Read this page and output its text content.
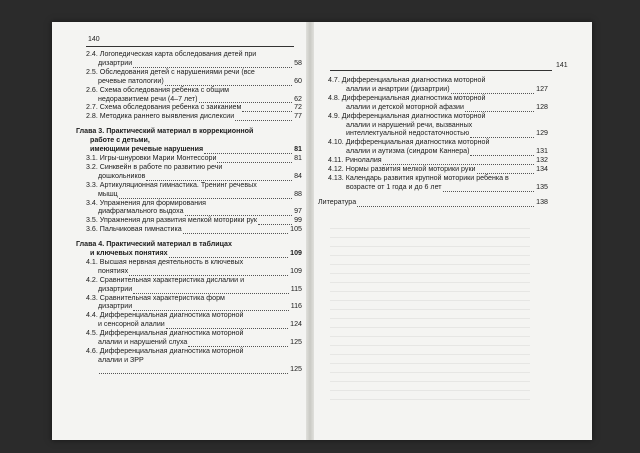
140
2.4. Логопедическая карта обследования детей при
дизартрии	58
2.5. Обследования детей с нарушениями речи (все
речевые патологии)	60
2.6. Схема обследования ребенка с общим
недоразвитием речи (4–7 лет)	62
2.7. Схема обследования ребенка с заиканием	72
2.8. Методика раннего выявления дислексии	77
Глава 3. Практический материал в коррекционной
работе с детьми,
имеющими речевые нарушения	81
3.1. Игры-шнуровки Марии Монтессори	81
3.2. Синквейн в работе по развитию речи
дошкольников	84
3.3. Артикуляционная гимнастика. Тренинг речевых
мышц	88
3.4. Упражнения для формирования
диафрагмального выдоха	97
3.5. Упражнения для развития мелкой моторики рук	99
3.6. Пальчиковая гимнастика	105
Глава 4. Практический материал в таблицах
и ключевых понятиях	109
4.1. Высшая нервная деятельность в ключевых
понятиях	109
4.2. Сравнительная характеристика дислалии и
дизартрии	115
4.3. Сравнительная характеристика форм
дизартрии	116
4.4. Дифференциальная диагностика моторной
и сенсорной алалии	124
4.5. Дифференциальная диагностика моторной
алалии и нарушений слуха	125
4.6. Дифференциальная диагностика моторной
алалии и ЗРР
125
141
4.7. Дифференциальная диагностика моторной
алалии и анартрии (дизартрии)	127
4.8. Дифференциальная диагностика моторной
алалии и детской моторной афазии	128
4.9. Дифференциальная диагностика моторной
алалии и нарушений речи, вызванных
интеллектуальной недостаточностью	129
4.10. Дифференциальная диагностика моторной
алалии и аутизма (синдром Каннера)	131
4.11. Ринолалия	132
4.12. Нормы развития мелкой моторики руки	134
4.13. Календарь развития крупной моторики ребенка в
возрасте от 1 года и до 6 лет	135
Литература	138
